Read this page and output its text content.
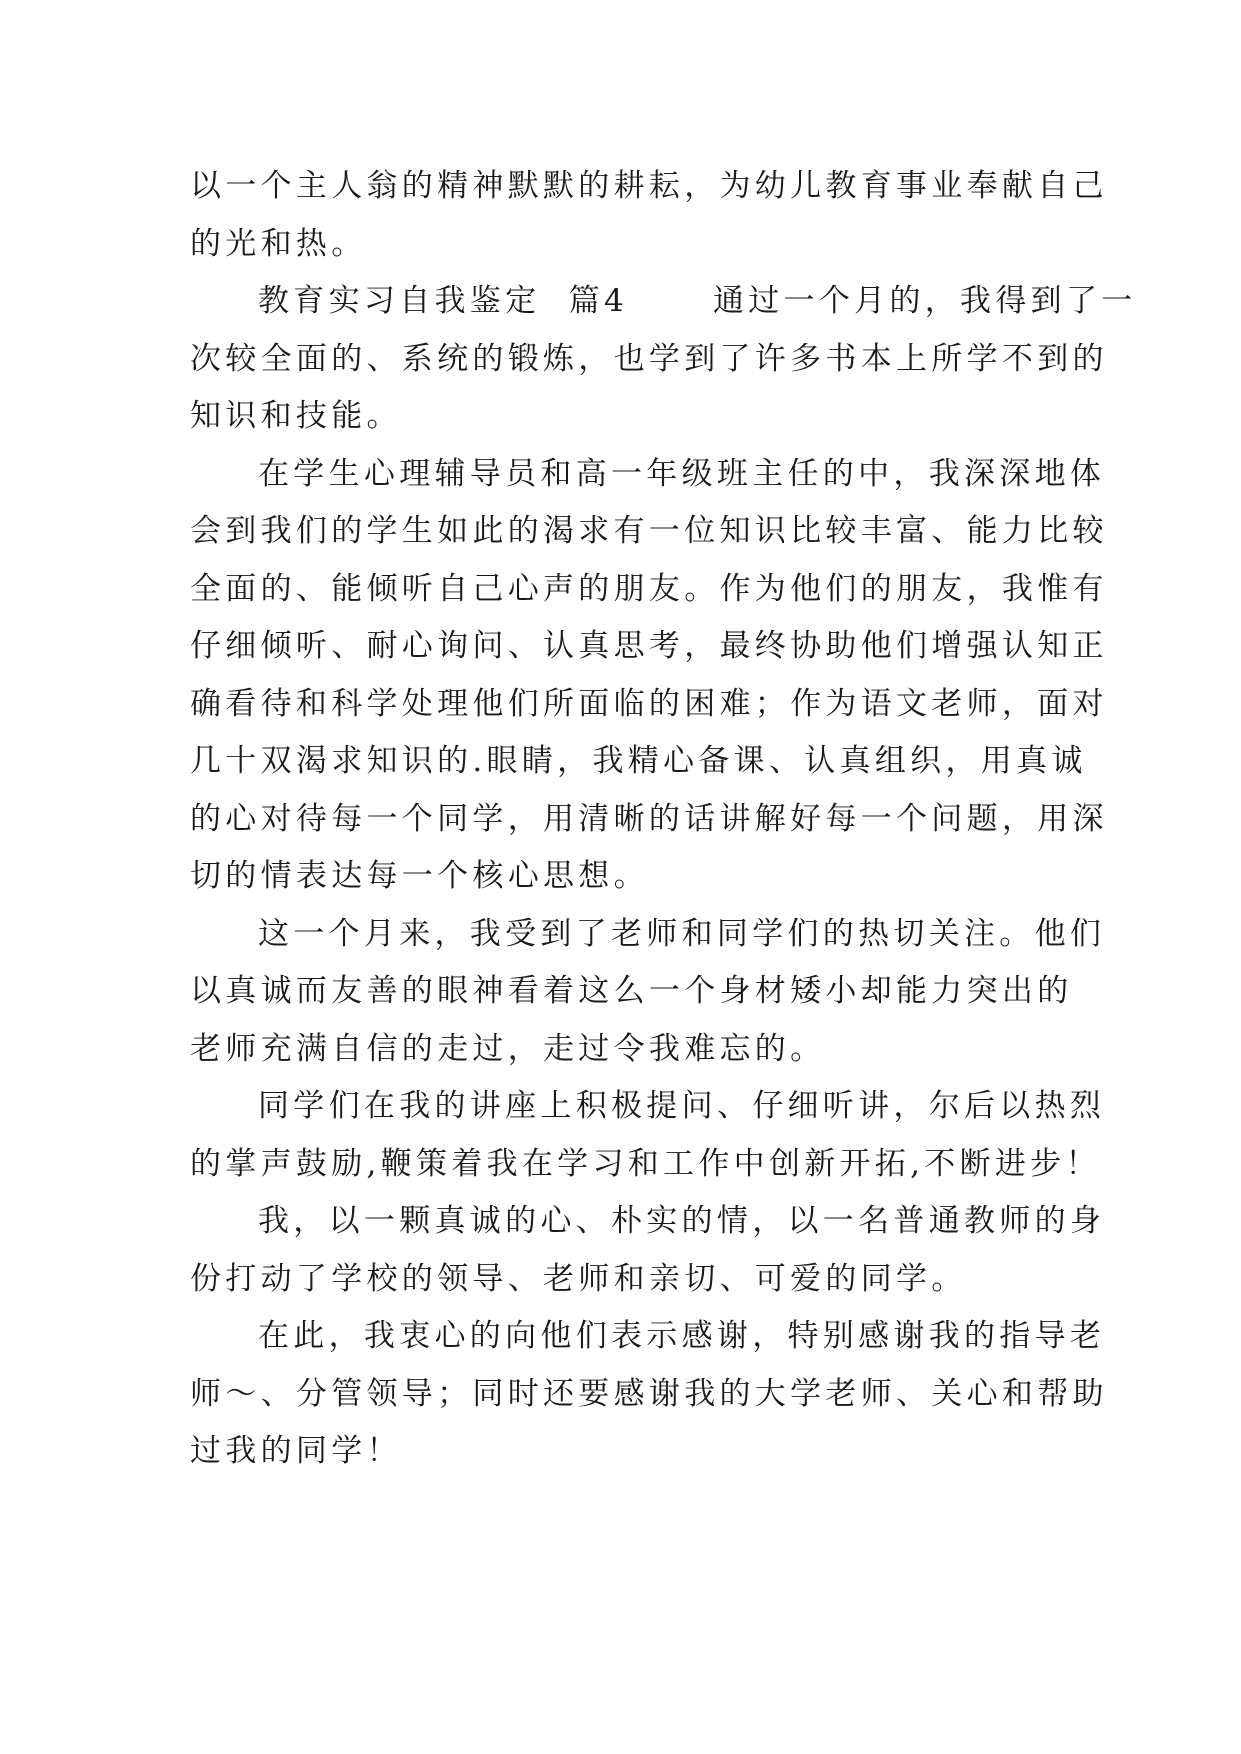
以一个主人翁的精神默默的耕耘，为幼儿教育事业奉献自己
的光和热。
教育实习自我鉴定  篇4      通过一个月的，我得到了一
次较全面的、系统的锻炼，也学到了许多书本上所学不到的
知识和技能。
在学生心理辅导员和高一年级班主任的中，我深深地体
会到我们的学生如此的渴求有一位知识比较丰富、能力比较
全面的、能倾听自己心声的朋友。作为他们的朋友，我惟有
仔细倾听、耐心询问、认真思考，最终协助他们增强认知正
确看待和科学处理他们所面临的困难；作为语文老师，面对
几十双渴求知识的.眼睛，我精心备课、认真组织，用真诚
的心对待每一个同学，用清晰的话讲解好每一个问题，用深
切的情表达每一个核心思想。
这一个月来，我受到了老师和同学们的热切关注。他们
以真诚而友善的眼神看着这么一个身材矮小却能力突出的
老师充满自信的走过，走过令我难忘的。
同学们在我的讲座上积极提问、仔细听讲，尔后以热烈
的掌声鼓励,鞭策着我在学习和工作中创新开拓,不断进步！
我，以一颗真诚的心、朴实的情，以一名普通教师的身
份打动了学校的领导、老师和亲切、可爱的同学。
在此，我衷心的向他们表示感谢，特别感谢我的指导老
师～、分管领导；同时还要感谢我的大学老师、关心和帮助
过我的同学！
